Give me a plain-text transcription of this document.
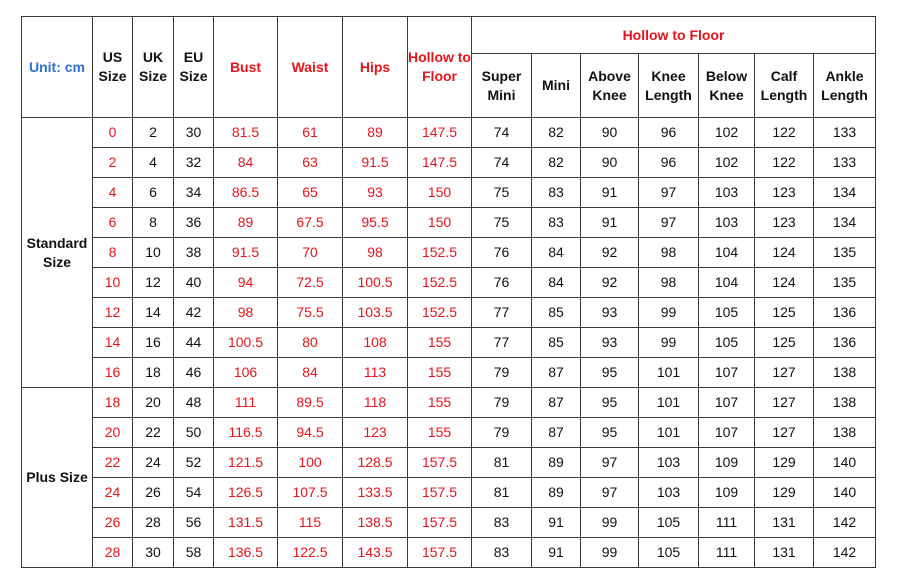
Unit: cm	US Size	UK Size	EU Size	Bust	Waist	Hips	Hollow to Floor	Hollow to Floor						
								Super Mini	Mini	Above Knee	Knee Length	Below Knee	Calf Length	Ankle Length
Standard Size	0	2	30	81.5	61	89	147.5	74	82	90	96	102	122	133
	2	4	32	84	63	91.5	147.5	74	82	90	96	102	122	133
	4	6	34	86.5	65	93	150	75	83	91	97	103	123	134
	6	8	36	89	67.5	95.5	150	75	83	91	97	103	123	134
	8	10	38	91.5	70	98	152.5	76	84	92	98	104	124	135
	10	12	40	94	72.5	100.5	152.5	76	84	92	98	104	124	135
	12	14	42	98	75.5	103.5	152.5	77	85	93	99	105	125	136
	14	16	44	100.5	80	108	155	77	85	93	99	105	125	136
	16	18	46	106	84	113	155	79	87	95	101	107	127	138
Plus Size	18	20	48	111	89.5	118	155	79	87	95	101	107	127	138
	20	22	50	116.5	94.5	123	155	79	87	95	101	107	127	138
	22	24	52	121.5	100	128.5	157.5	81	89	97	103	109	129	140
	24	26	54	126.5	107.5	133.5	157.5	81	89	97	103	109	129	140
	26	28	56	131.5	115	138.5	157.5	83	91	99	105	111	131	142
	28	30	58	136.5	122.5	143.5	157.5	83	91	99	105	111	131	142
